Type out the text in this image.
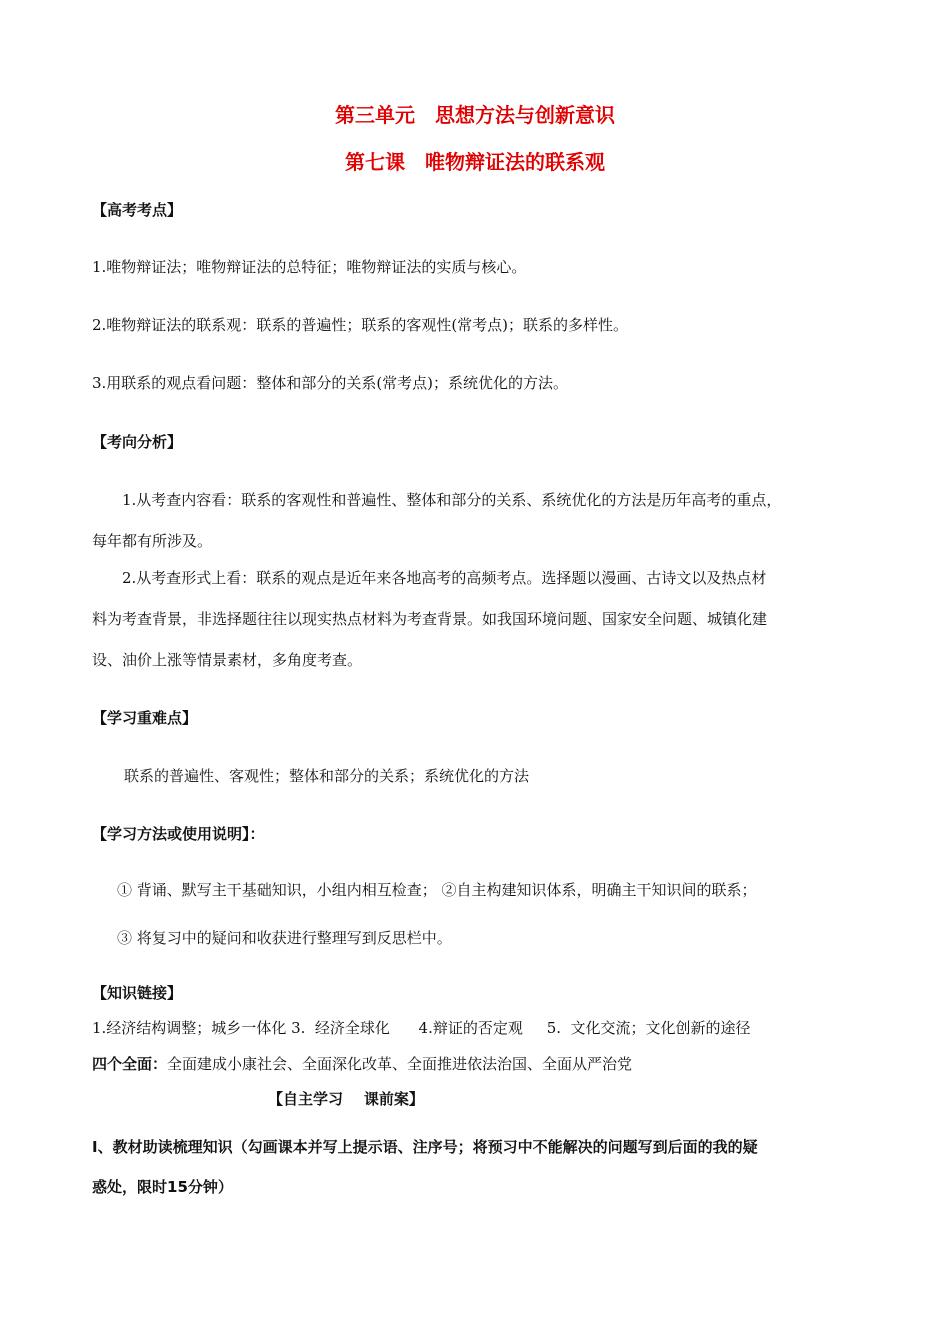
第三单元　思想方法与创新意识
第七课　唯物辩证法的联系观
【高考考点】
1.唯物辩证法；唯物辩证法的总特征；唯物辩证法的实质与核心。
2.唯物辩证法的联系观：联系的普遍性；联系的客观性(常考点)；联系的多样性。
3.用联系的观点看问题：整体和部分的关系(常考点)；系统优化的方法。
【考向分析】
1.从考查内容看：联系的客观性和普遍性、整体和部分的关系、系统优化的方法是历年高考的重点，
每年都有所涉及。
2.从考查形式上看：联系的观点是近年来各地高考的高频考点。选择题以漫画、古诗文以及热点材
料为考查背景，非选择题往往以现实热点材料为考查背景。如我国环境问题、国家安全问题、城镇化建
设、油价上涨等情景素材，多角度考查。
【学习重难点】
联系的普遍性、客观性；整体和部分的关系；系统优化的方法
【学习方法或使用说明】：
① 背诵、默写主干基础知识，小组内相互检查； ②自主构建知识体系，明确主干知识间的联系；
③ 将复习中的疑问和收获进行整理写到反思栏中。
【知识链接】
1.经济结构调整；城乡一体化 3.  经济全球化      4.辩证的否定观     5.  文化交流；文化创新的途径
四个全面：全面建成小康社会、全面深化改革、全面推进依法治国、全面从严治党
【自主学习    课前案】
Ⅰ、教材助读梳理知识（勾画课本并写上提示语、注序号；将预习中不能解决的问题写到后面的我的疑
惑处，限时15分钟）
